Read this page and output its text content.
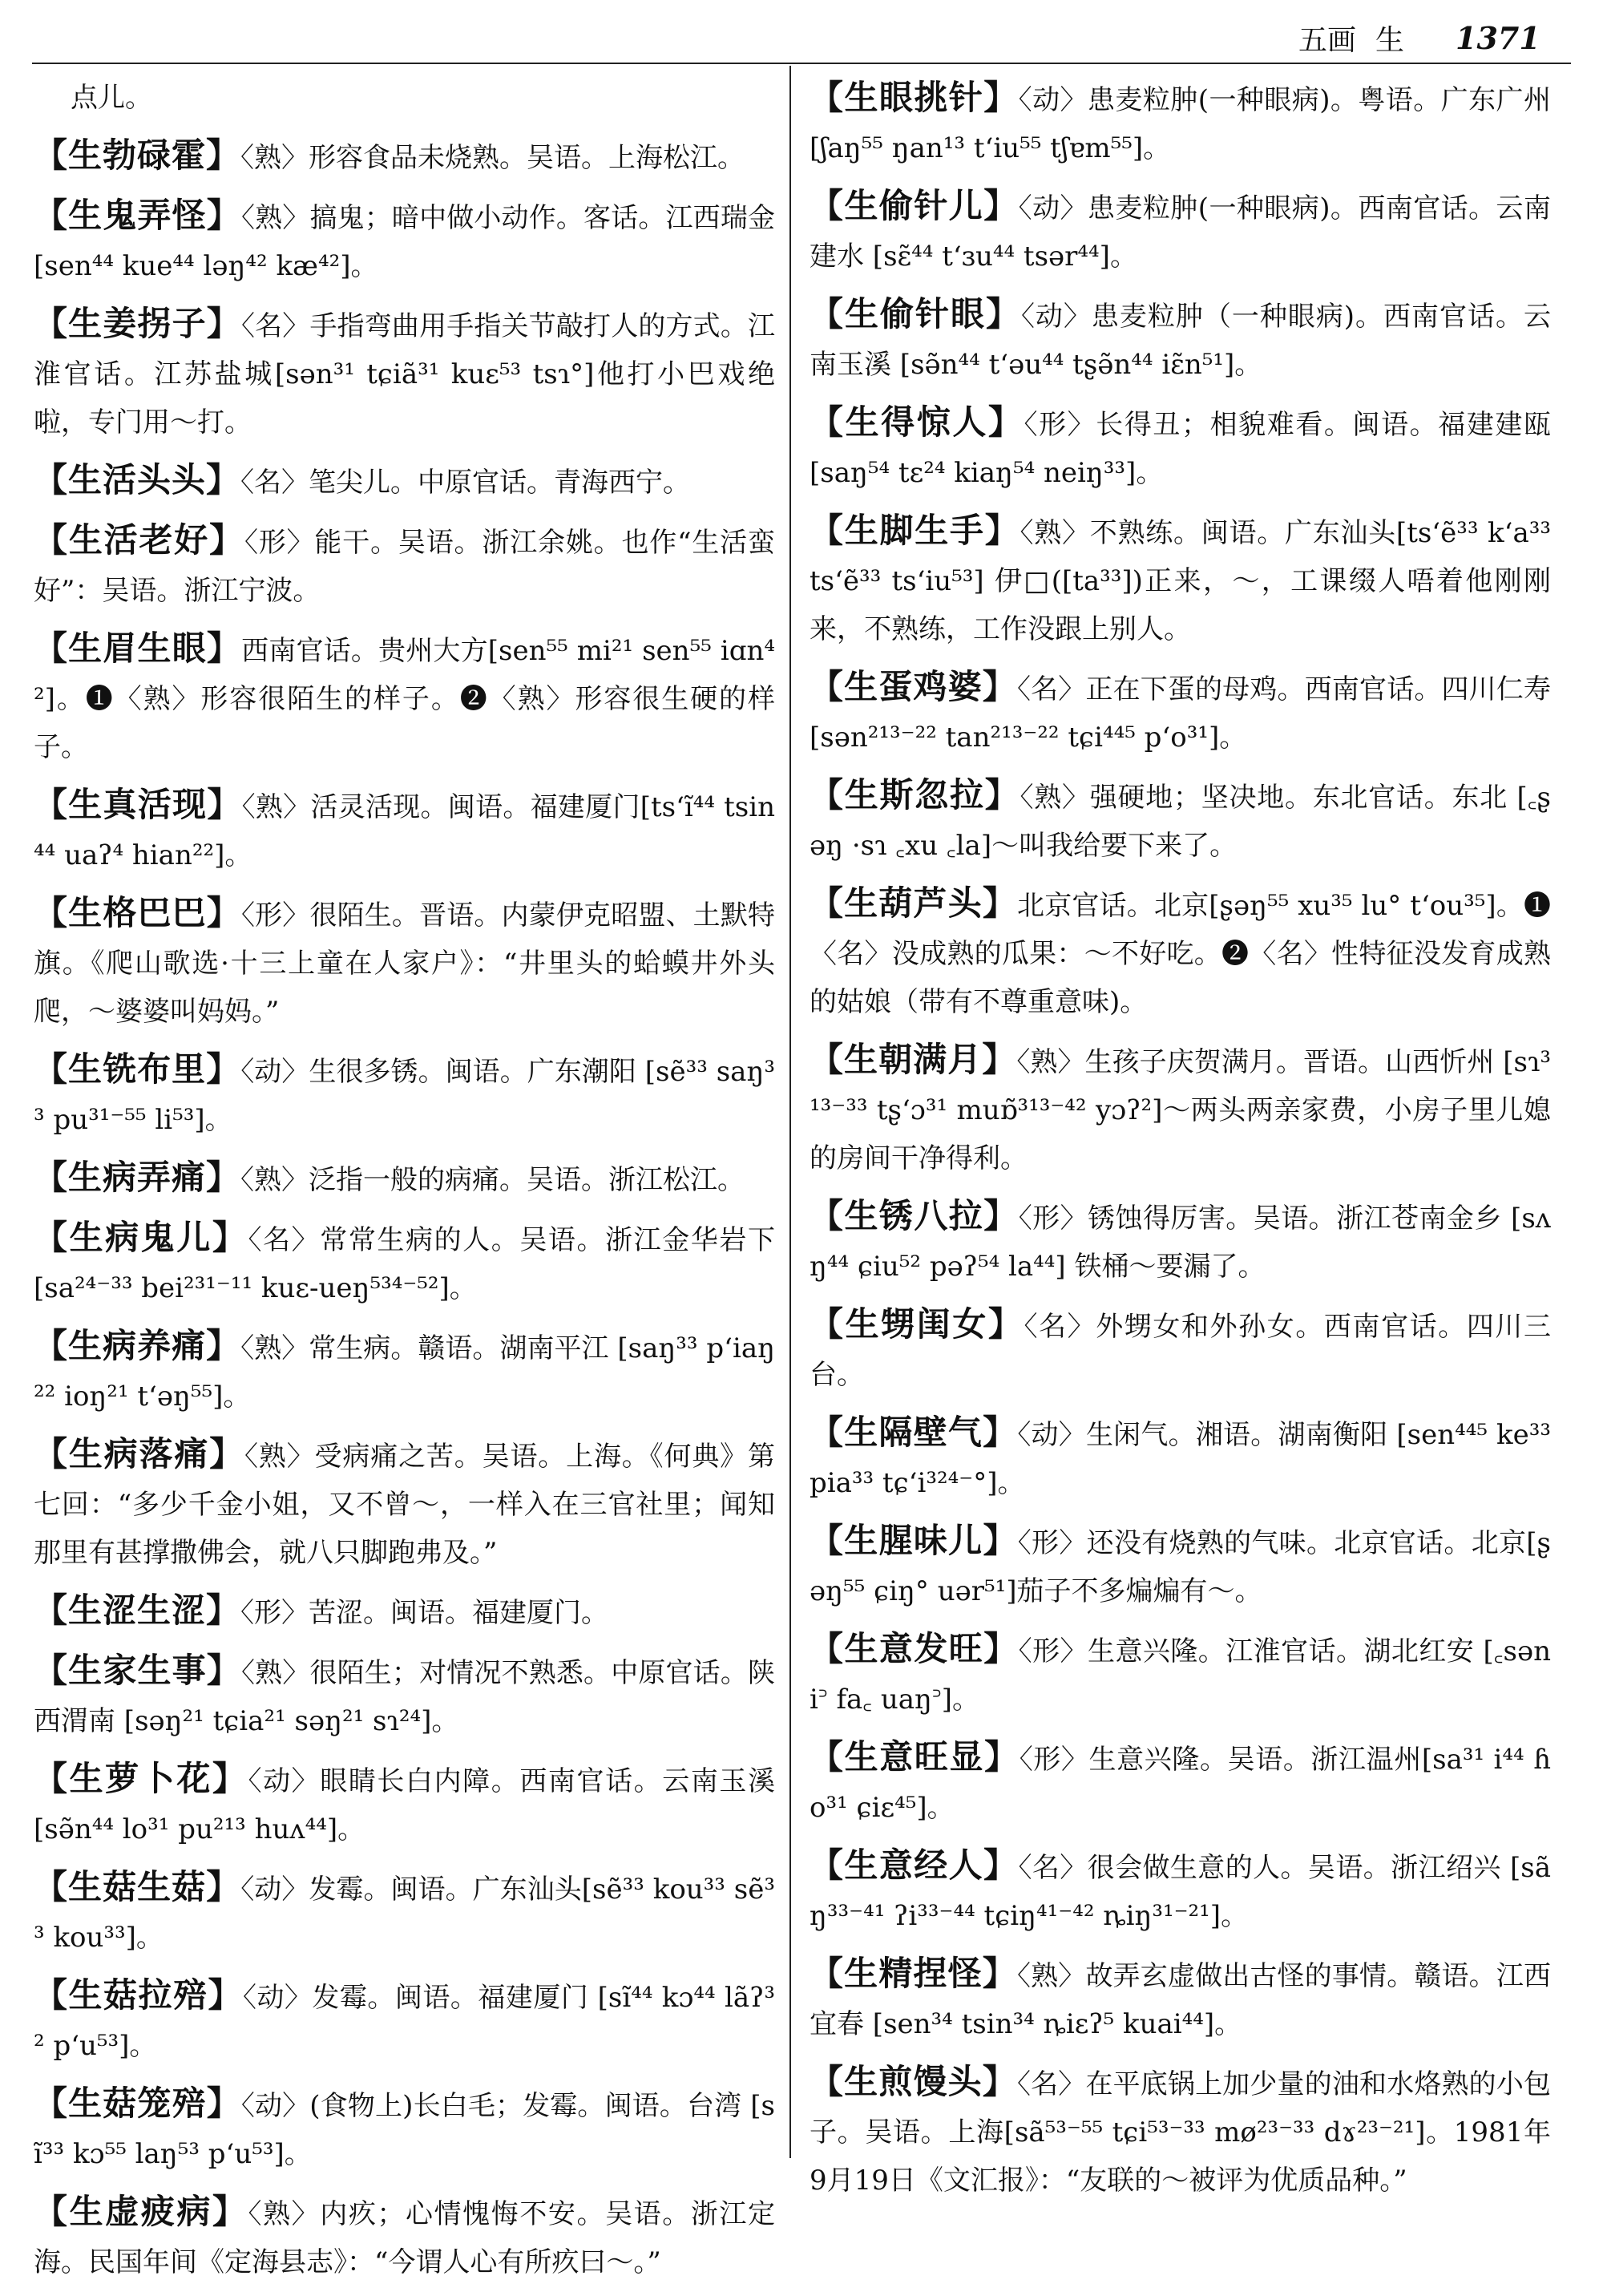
五画 生 1371
点儿。
【生勃碌霍】〈熟〉形容食品未烧熟。吴语。上海松江。
【生鬼弄怪】〈熟〉搞鬼；暗中做小动作。客话。江西瑞金 [sen⁴⁴ kue⁴⁴ ləŋ⁴² kæ⁴²]。
【生姜拐子】〈名〉手指弯曲用手指关节敲打人的方式。江淮官话。江苏盐城[sən³¹ tɕiã³¹ kuɛ⁵³ tsɿ°]他打小巴戏绝啦，专门用～打。
【生活头头】〈名〉笔尖儿。中原官话。青海西宁。
【生活老好】〈形〉能干。吴语。浙江余姚。也作“生活蛮好”：吴语。浙江宁波。
【生眉生眼】西南官话。贵州大方[sen⁵⁵ mi²¹ sen⁵⁵ iɑn⁴²]。❶〈熟〉形容很陌生的样子。❷〈熟〉形容很生硬的样子。
【生真活现】〈熟〉活灵活现。闽语。福建厦门[tsʻĩ⁴⁴ tsin⁴⁴ uaʔ⁴ hian²²]。
【生格巴巴】〈形〉很陌生。晋语。内蒙伊克昭盟、土默特旗。《爬山歌选·十三上童在人家户》：“井里头的蛤蟆井外头爬，～婆婆叫妈妈。”
【生铣布里】〈动〉生很多锈。闽语。广东潮阳 [sẽ³³ saŋ³³ pu³¹⁻⁵⁵ li⁵³]。
【生病弄痛】〈熟〉泛指一般的病痛。吴语。浙江松江。
【生病鬼儿】〈名〉常常生病的人。吴语。浙江金华岩下 [sa²⁴⁻³³ bei²³¹⁻¹¹ kuɛ-ueŋ⁵³⁴⁻⁵²]。
【生病养痛】〈熟〉常生病。赣语。湖南平江 [saŋ³³ pʻiaŋ²² ioŋ²¹ tʻəŋ⁵⁵]。
【生病落痛】〈熟〉受病痛之苦。吴语。上海。《何典》第七回：“多少千金小姐，又不曾～，一样入在三官社里；闻知那里有甚撑撒佛会，就八只脚跑弗及。”
【生涩生涩】〈形〉苦涩。闽语。福建厦门。
【生家生事】〈熟〉很陌生；对情况不熟悉。中原官话。陕西渭南 [səŋ²¹ tɕia²¹ səŋ²¹ sɿ²⁴]。
【生萝卜花】〈动〉眼睛长白内障。西南官话。云南玉溪 [sə̃n⁴⁴ lo³¹ pu²¹³ huʌ⁴⁴]。
【生菇生菇】〈动〉发霉。闽语。广东汕头[sẽ³³ kou³³ sẽ³³ kou³³]。
【生菇拉殕】〈动〉发霉。闽语。福建厦门 [sĩ⁴⁴ kɔ⁴⁴ lãʔ³² pʻu⁵³]。
【生菇笼殕】〈动〉(食物上)长白毛；发霉。闽语。台湾 [sĩ³³ kɔ⁵⁵ laŋ⁵³ pʻu⁵³]。
【生虚疲病】〈熟〉内疚；心情愧悔不安。吴语。浙江定海。民国年间《定海县志》：“今谓人心有所疚曰～。”
【生眼挑针】〈动〉患麦粒肿(一种眼病)。粤语。广东广州 [ʃaŋ⁵⁵ ŋan¹³ tʻiu⁵⁵ tʃɐm⁵⁵]。
【生偷针儿】〈动〉患麦粒肿(一种眼病)。西南官话。云南建水 [sɛ̃⁴⁴ tʻɜu⁴⁴ tsər⁴⁴]。
【生偷针眼】〈动〉患麦粒肿（一种眼病)。西南官话。云南玉溪 [sə̃n⁴⁴ tʻəu⁴⁴ tʂə̃n⁴⁴ iɛ̃n⁵¹]。
【生得惊人】〈形〉长得丑；相貌难看。闽语。福建建瓯 [saŋ⁵⁴ tɛ²⁴ kiaŋ⁵⁴ neiŋ³³]。
【生脚生手】〈熟〉不熟练。闽语。广东汕头[tsʻẽ³³ kʻa³³ tsʻẽ³³ tsʻiu⁵³] 伊□([ta³³])正来，～，工课缀人唔着他刚刚来，不熟练，工作没跟上别人。
【生蛋鸡婆】〈名〉正在下蛋的母鸡。西南官话。四川仁寿 [sən²¹³⁻²² tan²¹³⁻²² tɕi⁴⁴⁵ pʻo³¹]。
【生斯忽拉】〈熟〉强硬地；坚决地。东北官话。东北 [꜀ʂəŋ ·sɿ ꜀xu ꜀la]～叫我给要下来了。
【生葫芦头】北京官话。北京[ʂəŋ⁵⁵ xu³⁵ lu° tʻou³⁵]。❶〈名〉没成熟的瓜果：～不好吃。❷〈名〉性特征没发育成熟的姑娘（带有不尊重意味)。
【生朝满月】〈熟〉生孩子庆贺满月。晋语。山西忻州 [sɿ³¹³⁻³³ tʂʻɔ³¹ muɒ̃³¹³⁻⁴² yɔʔ²]～两头两亲家费，小房子里儿媳的房间干净得利。
【生锈八拉】〈形〉锈蚀得厉害。吴语。浙江苍南金乡 [sʌŋ⁴⁴ ɕiu⁵² pəʔ⁵⁴ la⁴⁴] 铁桶～要漏了。
【生甥闺女】〈名〉外甥女和外孙女。西南官话。四川三台。
【生隔壁气】〈动〉生闲气。湘语。湖南衡阳 [sen⁴⁴⁵ ke³³ pia³³ tɕʻi³²⁴⁻°]。
【生腥味儿】〈形〉还没有烧熟的气味。北京官话。北京[ʂəŋ⁵⁵ ɕiŋ° uər⁵¹]茄子不多煸煸有～。
【生意发旺】〈形〉生意兴隆。江淮官话。湖北红安 [꜀sən i꜄ fa꜀ uaŋ꜄]。
【生意旺显】〈形〉生意兴隆。吴语。浙江温州[sa³¹ i⁴⁴ ɦo³¹ ɕiɛ⁴⁵]。
【生意经人】〈名〉很会做生意的人。吴语。浙江绍兴 [sãŋ³³⁻⁴¹ ʔi³³⁻⁴⁴ tɕiŋ⁴¹⁻⁴² ȵiŋ³¹⁻²¹]。
【生精捏怪】〈熟〉故弄玄虚做出古怪的事情。赣语。江西宜春 [sen³⁴ tsin³⁴ ȵiɛʔ⁵ kuai⁴⁴]。
【生煎馒头】〈名〉在平底锅上加少量的油和水烙熟的小包子。吴语。上海[sã⁵³⁻⁵⁵ tɕi⁵³⁻³³ mø²³⁻³³ dɤ²³⁻²¹]。1981年9月19日《文汇报》：“友联的～被评为优质品种。”
